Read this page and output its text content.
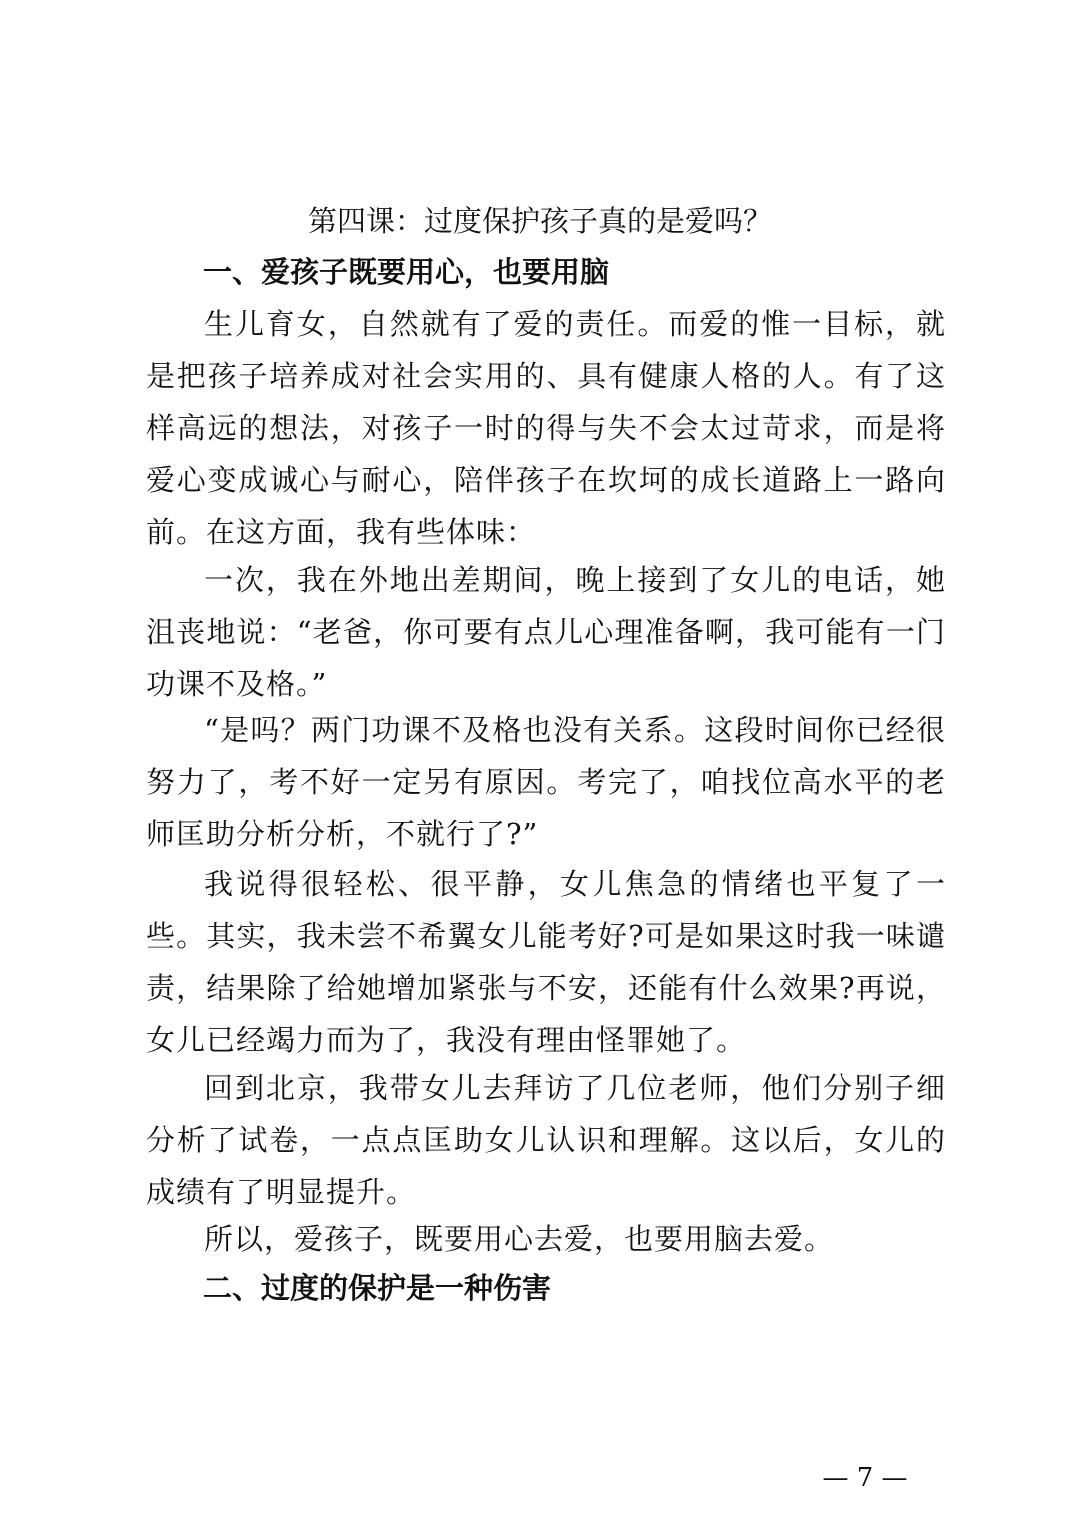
第四课：过度保护孩子真的是爱吗？
一、爱孩子既要用心，也要用脑

生儿育女，自然就有了爱的责任。而爱的惟一目标，就是把孩子培养成对社会实用的、具有健康人格的人。有了这样高远的想法，对孩子一时的得与失不会太过苛求，而是将爱心变成诚心与耐心，陪伴孩子在坎坷的成长道路上一路向前。在这方面，我有些体味：

一次，我在外地出差期间，晚上接到了女儿的电话，她沮丧地说：“老爸，你可要有点儿心理准备啊，我可能有一门功课不及格。”

“是吗？两门功课不及格也没有关系。这段时间你已经很努力了，考不好一定另有原因。考完了，咱找位高水平的老师匡助分析分析，不就行了?”

我说得很轻松、很平静，女儿焦急的情绪也平复了一些。其实，我未尝不希翼女儿能考好?可是如果这时我一味谴责，结果除了给她增加紧张与不安，还能有什么效果?再说，女儿已经竭力而为了，我没有理由怪罪她了。

回到北京，我带女儿去拜访了几位老师，他们分别子细分析了试卷，一点点匡助女儿认识和理解。这以后，女儿的成绩有了明显提升。

所以，爱孩子，既要用心去爱，也要用脑去爱。

二、过度的保护是一种伤害
— 7 —
